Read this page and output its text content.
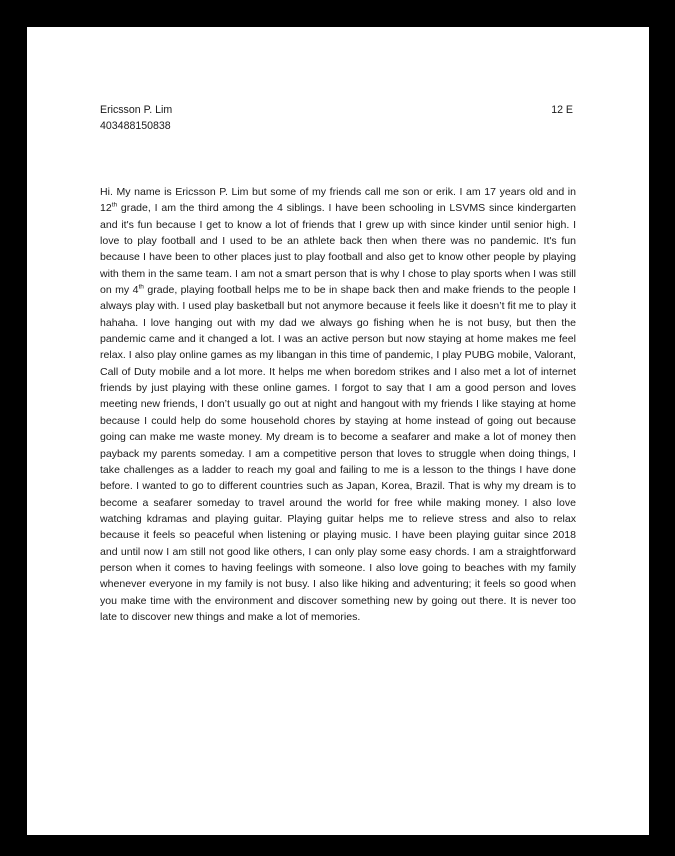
Ericsson P. Lim
403488150838
12 E

Hi. My name is Ericsson P. Lim but some of my friends call me son or erik. I am 17 years old and in 12th grade, I am the third among the 4 siblings. I have been schooling in LSVMS since kindergarten and it's fun because I get to know a lot of friends that I grew up with since kinder until senior high. I love to play football and I used to be an athlete back then when there was no pandemic. It's fun because I have been to other places just to play football and also get to know other people by playing with them in the same team. I am not a smart person that is why I chose to play sports when I was still on my 4th grade, playing football helps me to be in shape back then and make friends to the people I always play with. I used play basketball but not anymore because it feels like it doesn’t fit me to play it hahaha. I love hanging out with my dad we always go fishing when he is not busy, but then the pandemic came and it changed a lot. I was an active person but now staying at home makes me feel relax. I also play online games as my libangan in this time of pandemic, I play PUBG mobile, Valorant, Call of Duty mobile and a lot more. It helps me when boredom strikes and I also met a lot of internet friends by just playing with these online games. I forgot to say that I am a good person and loves meeting new friends, I don’t usually go out at night and hangout with my friends I like staying at home because I could help do some household chores by staying at home instead of going out because going can make me waste money. My dream is to become a seafarer and make a lot of money then payback my parents someday. I am a competitive person that loves to struggle when doing things, I take challenges as a ladder to reach my goal and failing to me is a lesson to the things I have done before. I wanted to go to different countries such as Japan, Korea, Brazil. That is why my dream is to become a seafarer someday to travel around the world for free while making money. I also love watching kdramas and playing guitar. Playing guitar helps me to relieve stress and also to relax because it feels so peaceful when listening or playing music. I have been playing guitar since 2018 and until now I am still not good like others, I can only play some easy chords. I am a straightforward person when it comes to having feelings with someone. I also love going to beaches with my family whenever everyone in my family is not busy. I also like hiking and adventuring; it feels so good when you make time with the environment and discover something new by going out there. It is never too late to discover new things and make a lot of memories.
